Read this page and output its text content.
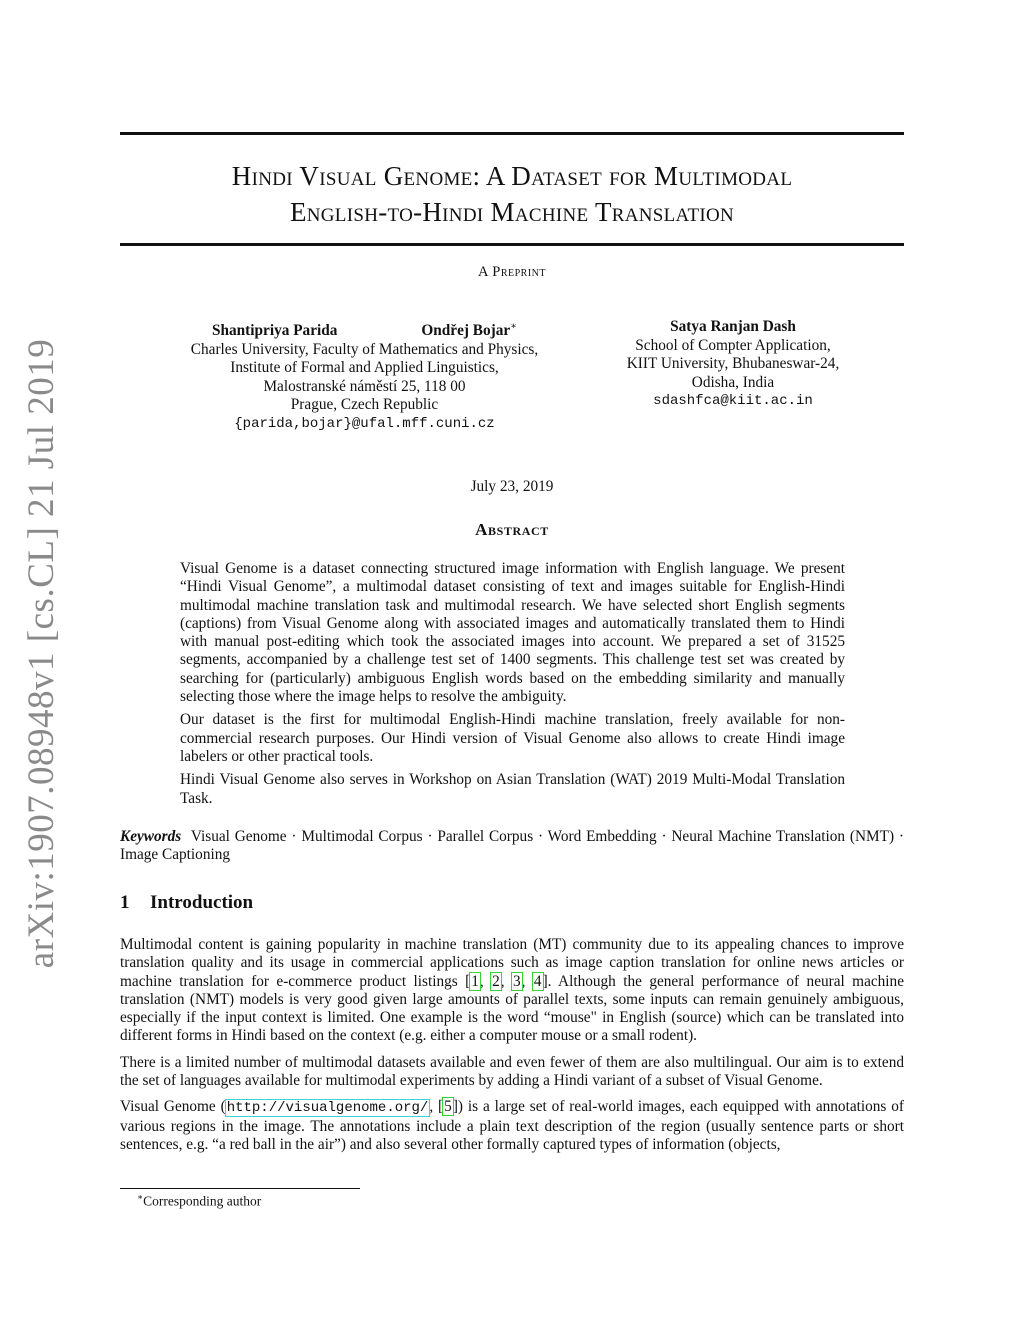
arXiv:1907.08948v1 [cs.CL] 21 Jul 2019
Hindi Visual Genome: A Dataset for Multimodal
English-to-Hindi Machine Translation
A Preprint
Shantipriya Parida	Ondřej Bojar∗
Charles University, Faculty of Mathematics and Physics,
Institute of Formal and Applied Linguistics,
Malostranské náměstí 25, 118 00
Prague, Czech Republic
{parida,bojar}@ufal.mff.cuni.cz
Satya Ranjan Dash
School of Compter Application,
KIIT University, Bhubaneswar-24,
Odisha, India
sdashfca@kiit.ac.in
July 23, 2019
Abstract

Visual Genome is a dataset connecting structured image information with English language. We present “Hindi Visual Genome”, a multimodal dataset consisting of text and images suitable for English-Hindi multimodal machine translation task and multimodal research. We have selected short English segments (captions) from Visual Genome along with associated images and automatically translated them to Hindi with manual post-editing which took the associated images into account. We prepared a set of 31525 segments, accompanied by a challenge test set of 1400 segments. This challenge test set was created by searching for (particularly) ambiguous English words based on the embedding similarity and manually selecting those where the image helps to resolve the ambiguity.

Our dataset is the first for multimodal English-Hindi machine translation, freely available for non-commercial research purposes. Our Hindi version of Visual Genome also allows to create Hindi image labelers or other practical tools.

Hindi Visual Genome also serves in Workshop on Asian Translation (WAT) 2019 Multi-Modal Translation Task.

Keywords Visual Genome · Multimodal Corpus · Parallel Corpus · Word Embedding · Neural Machine Translation (NMT) · Image Captioning
1 Introduction

Multimodal content is gaining popularity in machine translation (MT) community due to its appealing chances to improve translation quality and its usage in commercial applications such as image caption translation for online news articles or machine translation for e-commerce product listings [1, 2, 3, 4]. Although the general performance of neural machine translation (NMT) models is very good given large amounts of parallel texts, some inputs can remain genuinely ambiguous, especially if the input context is limited. One example is the word “mouse" in English (source) which can be translated into different forms in Hindi based on the context (e.g. either a computer mouse or a small rodent).

There is a limited number of multimodal datasets available and even fewer of them are also multilingual. Our aim is to extend the set of languages available for multimodal experiments by adding a Hindi variant of a subset of Visual Genome.

Visual Genome (http://visualgenome.org/, [5]) is a large set of real-world images, each equipped with annotations of various regions in the image. The annotations include a plain text description of the region (usually sentence parts or short sentences, e.g. “a red ball in the air”) and also several other formally captured types of information (objects,

∗Corresponding author
